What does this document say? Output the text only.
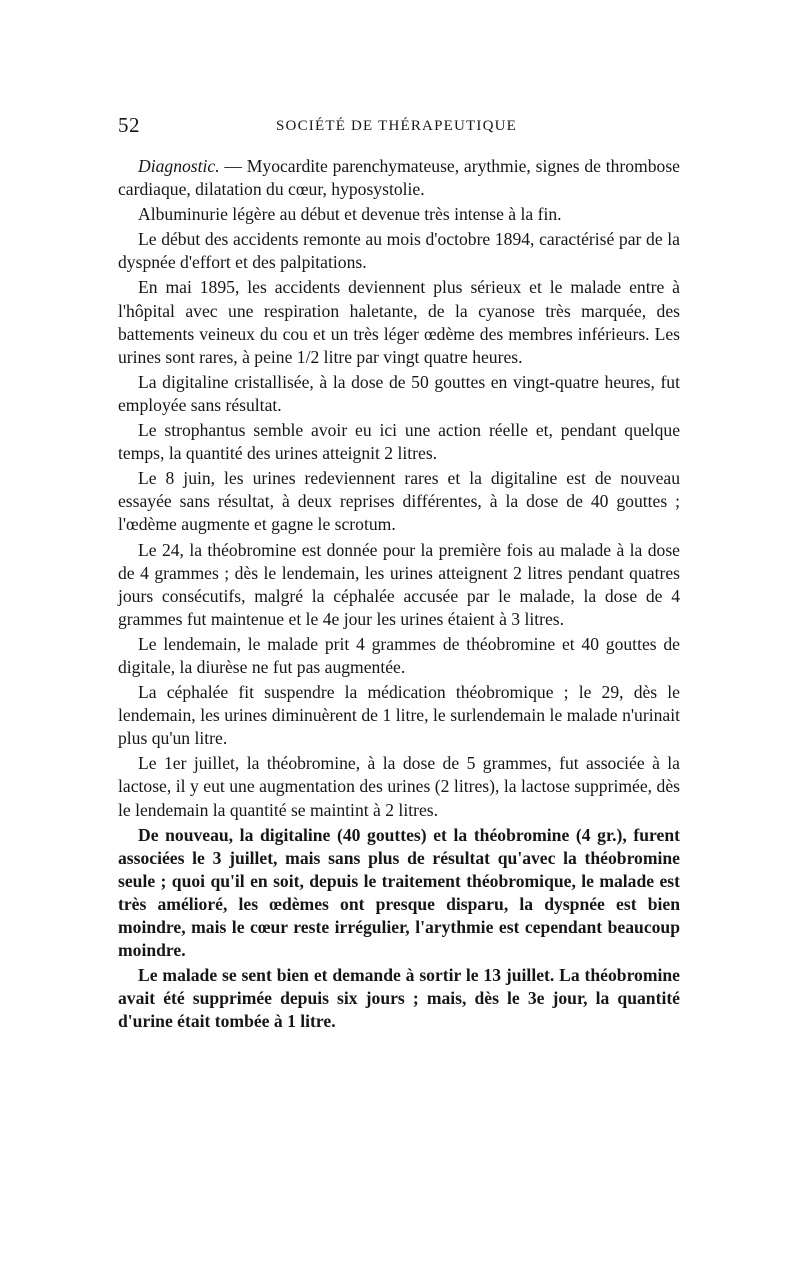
52	SOCIÉTÉ DE THÉRAPEUTIQUE

Diagnostic. — Myocardite parenchymateuse, arythmie, signes de thrombose cardiaque, dilatation du cœur, hyposystolie.

Albuminurie légère au début et devenue très intense à la fin.

Le début des accidents remonte au mois d'octobre 1894, caractérisé par de la dyspnée d'effort et des palpitations.

En mai 1895, les accidents deviennent plus sérieux et le malade entre à l'hôpital avec une respiration haletante, de la cyanose très marquée, des battements veineux du cou et un très léger œdème des membres inférieurs. Les urines sont rares, à peine 1/2 litre par vingt quatre heures.

La digitaline cristallisée, à la dose de 50 gouttes en vingt-quatre heures, fut employée sans résultat.

Le strophantus semble avoir eu ici une action réelle et, pendant quelque temps, la quantité des urines atteignit 2 litres.

Le 8 juin, les urines redeviennent rares et la digitaline est de nouveau essayée sans résultat, à deux reprises différentes, à la dose de 40 gouttes ; l'œdème augmente et gagne le scrotum.

Le 24, la théobromine est donnée pour la première fois au malade à la dose de 4 grammes ; dès le lendemain, les urines atteignent 2 litres pendant quatres jours consécutifs, malgré la céphalée accusée par le malade, la dose de 4 grammes fut maintenue et le 4e jour les urines étaient à 3 litres.

Le lendemain, le malade prit 4 grammes de théobromine et 40 gouttes de digitale, la diurèse ne fut pas augmentée.

La céphalée fit suspendre la médication théobromique ; le 29, dès le lendemain, les urines diminuèrent de 1 litre, le surlendemain le malade n'urinait plus qu'un litre.

Le 1er juillet, la théobromine, à la dose de 5 grammes, fut associée à la lactose, il y eut une augmentation des urines (2 litres), la lactose supprimée, dès le lendemain la quantité se maintint à 2 litres.

De nouveau, la digitaline (40 gouttes) et la théobromine (4 gr.), furent associées le 3 juillet, mais sans plus de résultat qu'avec la théobromine seule ; quoi qu'il en soit, depuis le traitement théobromique, le malade est très amélioré, les œdèmes ont presque disparu, la dyspnée est bien moindre, mais le cœur reste irrégulier, l'arythmie est cependant beaucoup moindre.

Le malade se sent bien et demande à sortir le 13 juillet. La théobromine avait été supprimée depuis six jours ; mais, dès le 3e jour, la quantité d'urine était tombée à 1 litre.
